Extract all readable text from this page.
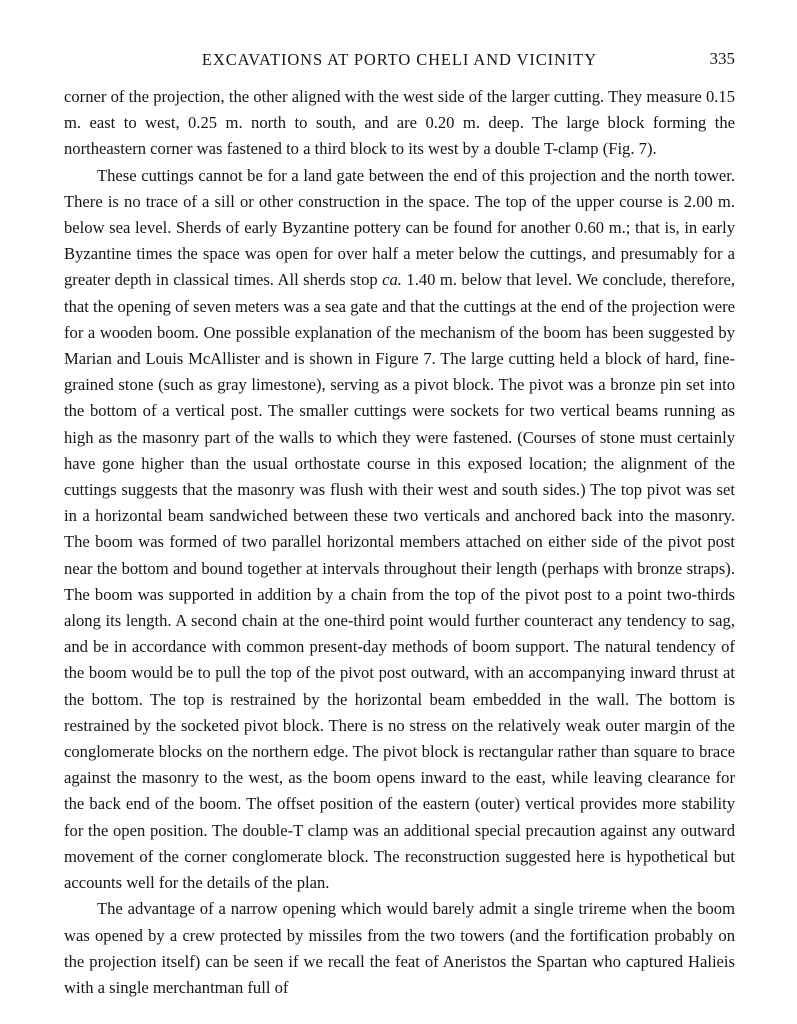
EXCAVATIONS AT PORTO CHELI AND VICINITY	335

corner of the projection, the other aligned with the west side of the larger cutting. They measure 0.15 m. east to west, 0.25 m. north to south, and are 0.20 m. deep. The large block forming the northeastern corner was fastened to a third block to its west by a double T-clamp (Fig. 7).

These cuttings cannot be for a land gate between the end of this projection and the north tower. There is no trace of a sill or other construction in the space. The top of the upper course is 2.00 m. below sea level. Sherds of early Byzantine pottery can be found for another 0.60 m.; that is, in early Byzantine times the space was open for over half a meter below the cuttings, and presumably for a greater depth in classical times. All sherds stop ca. 1.40 m. below that level. We conclude, therefore, that the opening of seven meters was a sea gate and that the cuttings at the end of the projection were for a wooden boom. One possible explanation of the mechanism of the boom has been suggested by Marian and Louis McAllister and is shown in Figure 7. The large cutting held a block of hard, fine-grained stone (such as gray limestone), serving as a pivot block. The pivot was a bronze pin set into the bottom of a vertical post. The smaller cuttings were sockets for two vertical beams running as high as the masonry part of the walls to which they were fastened. (Courses of stone must certainly have gone higher than the usual orthostate course in this exposed location; the alignment of the cuttings suggests that the masonry was flush with their west and south sides.) The top pivot was set in a horizontal beam sandwiched between these two verticals and anchored back into the masonry. The boom was formed of two parallel horizontal members attached on either side of the pivot post near the bottom and bound together at intervals throughout their length (perhaps with bronze straps). The boom was supported in addition by a chain from the top of the pivot post to a point two-thirds along its length. A second chain at the one-third point would further counteract any tendency to sag, and be in accordance with common present-day methods of boom support. The natural tendency of the boom would be to pull the top of the pivot post outward, with an accompanying inward thrust at the bottom. The top is restrained by the horizontal beam embedded in the wall. The bottom is restrained by the socketed pivot block. There is no stress on the relatively weak outer margin of the conglomerate blocks on the northern edge. The pivot block is rectangular rather than square to brace against the masonry to the west, as the boom opens inward to the east, while leaving clearance for the back end of the boom. The offset position of the eastern (outer) vertical provides more stability for the open position. The double-T clamp was an additional special precaution against any outward movement of the corner conglomerate block. The reconstruction suggested here is hypothetical but accounts well for the details of the plan.

The advantage of a narrow opening which would barely admit a single trireme when the boom was opened by a crew protected by missiles from the two towers (and the fortification probably on the projection itself) can be seen if we recall the feat of Aneristos the Spartan who captured Halieis with a single merchantman full of
